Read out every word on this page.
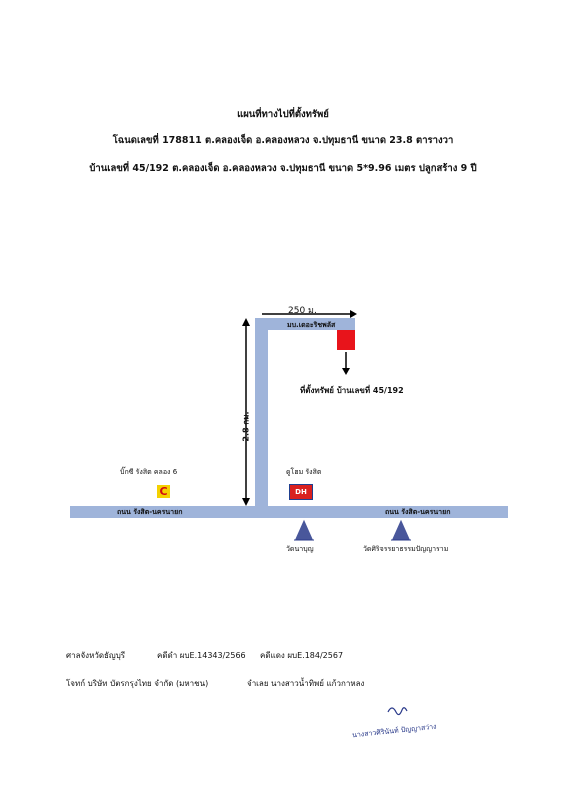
แผนที่ทางไปที่ตั้งทรัพย์
โฉนดเลขที่ 178811 ต.คลองเจ็ด อ.คลองหลวง จ.ปทุมธานี ขนาด 23.8 ตารางวา
บ้านเลขที่ 45/192 ต.คลองเจ็ด อ.คลองหลวง จ.ปทุมธานี ขนาด 5*9.96 เมตร ปลูกสร้าง 9 ปี
250 ม.
มบ.เดอะริชพลัส
2.8 กม.
ที่ตั้งทรัพย์ บ้านเลขที่ 45/192
บิ๊กซี รังสิต คลอง 6
C
ดูโฮม รังสิต
DH
ถนน รังสิต-นครนายก	ถนน รังสิต-นครนายก
วัดนาบุญ	วัดศิริจรรยาธรรมปัญญาราม
ศาลจังหวัดธัญบุรี	คดีดำ ผบE.14343/2566 คดีแดง ผบE.184/2567
โจทก์ บริษัท บัตรกรุงไทย จำกัด (มหาชน)	จำเลย นางสาวน้ำทิพย์ แก้วกาหลง
นางสาวศิรินันท์ ปัญญาสว่าง
